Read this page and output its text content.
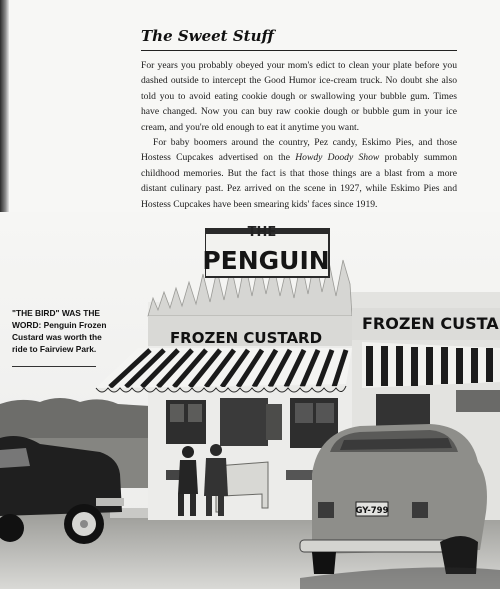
The Sweet Stuff

For years you probably obeyed your mom's edict to clean your plate before you dashed outside to intercept the Good Humor ice-cream truck. No doubt she also told you to avoid eating cookie dough or swallowing your bubble gum. Times have changed. Now you can buy raw cookie dough or bubble gum in your ice cream, and you're old enough to eat it anytime you want.

For baby boomers around the country, Pez candy, Eskimo Pies, and those Hostess Cupcakes advertised on the Howdy Doody Show probably summon childhood memories. But the fact is that those things are a blast from a more distant culinary past. Pez arrived on the scene in 1927, while Eskimo Pies and Hostess Cupcakes have been smearing kids' faces since 1919.

THE
PENGUIN
FROZEN CUSTARD
FROZEN CUSTA
GY-799
"THE BIRD" WAS THE WORD: Penguin Frozen Custard was worth the ride to Fairview Park.
